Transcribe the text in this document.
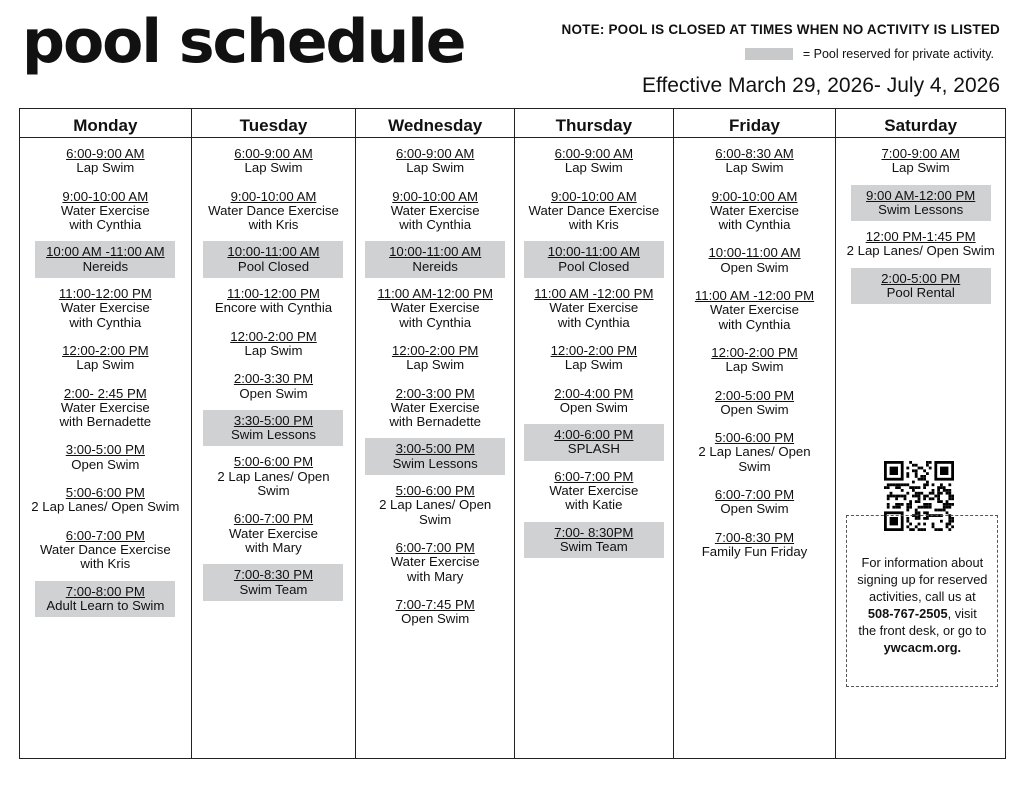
pool schedule	NOTE: POOL IS CLOSED AT TIMES WHEN NO ACTIVITY IS LISTED
= Pool reserved for private activity.
Effective March 29, 2026- July 4, 2026
Monday
6:00-9:00 AM
Lap Swim
9:00-10:00 AM
Water Exercise
with Cynthia
10:00 AM -11:00 AM
Nereids
11:00-12:00 PM
Water Exercise
with Cynthia
12:00-2:00 PM
Lap Swim
2:00- 2:45 PM
Water Exercise
with Bernadette
3:00-5:00 PM
Open Swim
5:00-6:00 PM
2 Lap Lanes/ Open Swim
6:00-7:00 PM
Water Dance Exercise
with Kris
7:00-8:00 PM
Adult Learn to Swim
Tuesday
6:00-9:00 AM
Lap Swim
9:00-10:00 AM
Water Dance Exercise
with Kris
10:00-11:00 AM
Pool Closed
11:00-12:00 PM
Encore with Cynthia
12:00-2:00 PM
Lap Swim
2:00-3:30 PM
Open Swim
3:30-5:00 PM
Swim Lessons
5:00-6:00 PM
2 Lap Lanes/ Open
Swim
6:00-7:00 PM
Water Exercise
with Mary
7:00-8:30 PM
Swim Team
Wednesday
6:00-9:00 AM
Lap Swim
9:00-10:00 AM
Water Exercise
with Cynthia
10:00-11:00 AM
Nereids
11:00 AM-12:00 PM
Water Exercise
with Cynthia
12:00-2:00 PM
Lap Swim
2:00-3:00 PM
Water Exercise
with Bernadette
3:00-5:00 PM
Swim Lessons
5:00-6:00 PM
2 Lap Lanes/ Open
Swim
6:00-7:00 PM
Water Exercise
with Mary
7:00-7:45 PM
Open Swim
Thursday
6:00-9:00 AM
Lap Swim
9:00-10:00 AM
Water Dance Exercise
with Kris
10:00-11:00 AM
Pool Closed
11:00 AM -12:00 PM
Water Exercise
with Cynthia
12:00-2:00 PM
Lap Swim
2:00-4:00 PM
Open Swim
4:00-6:00 PM
SPLASH
6:00-7:00 PM
Water Exercise
with Katie
7:00- 8:30PM
Swim Team
Friday
6:00-8:30 AM
Lap Swim
9:00-10:00 AM
Water Exercise
with Cynthia
10:00-11:00 AM
Open Swim
11:00 AM -12:00 PM
Water Exercise
with Cynthia
12:00-2:00 PM
Lap Swim
2:00-5:00 PM
Open Swim
5:00-6:00 PM
2 Lap Lanes/ Open
Swim
6:00-7:00 PM
Open Swim
7:00-8:30 PM
Family Fun Friday
Saturday
7:00-9:00 AM
Lap Swim
9:00 AM-12:00 PM
Swim Lessons
12:00 PM-1:45 PM
2 Lap Lanes/ Open Swim
2:00-5:00 PM
Pool Rental
For information about
signing up for reserved
activities, call us at
508-767-2505, visit
the front desk, or go to
ywcacm.org.
